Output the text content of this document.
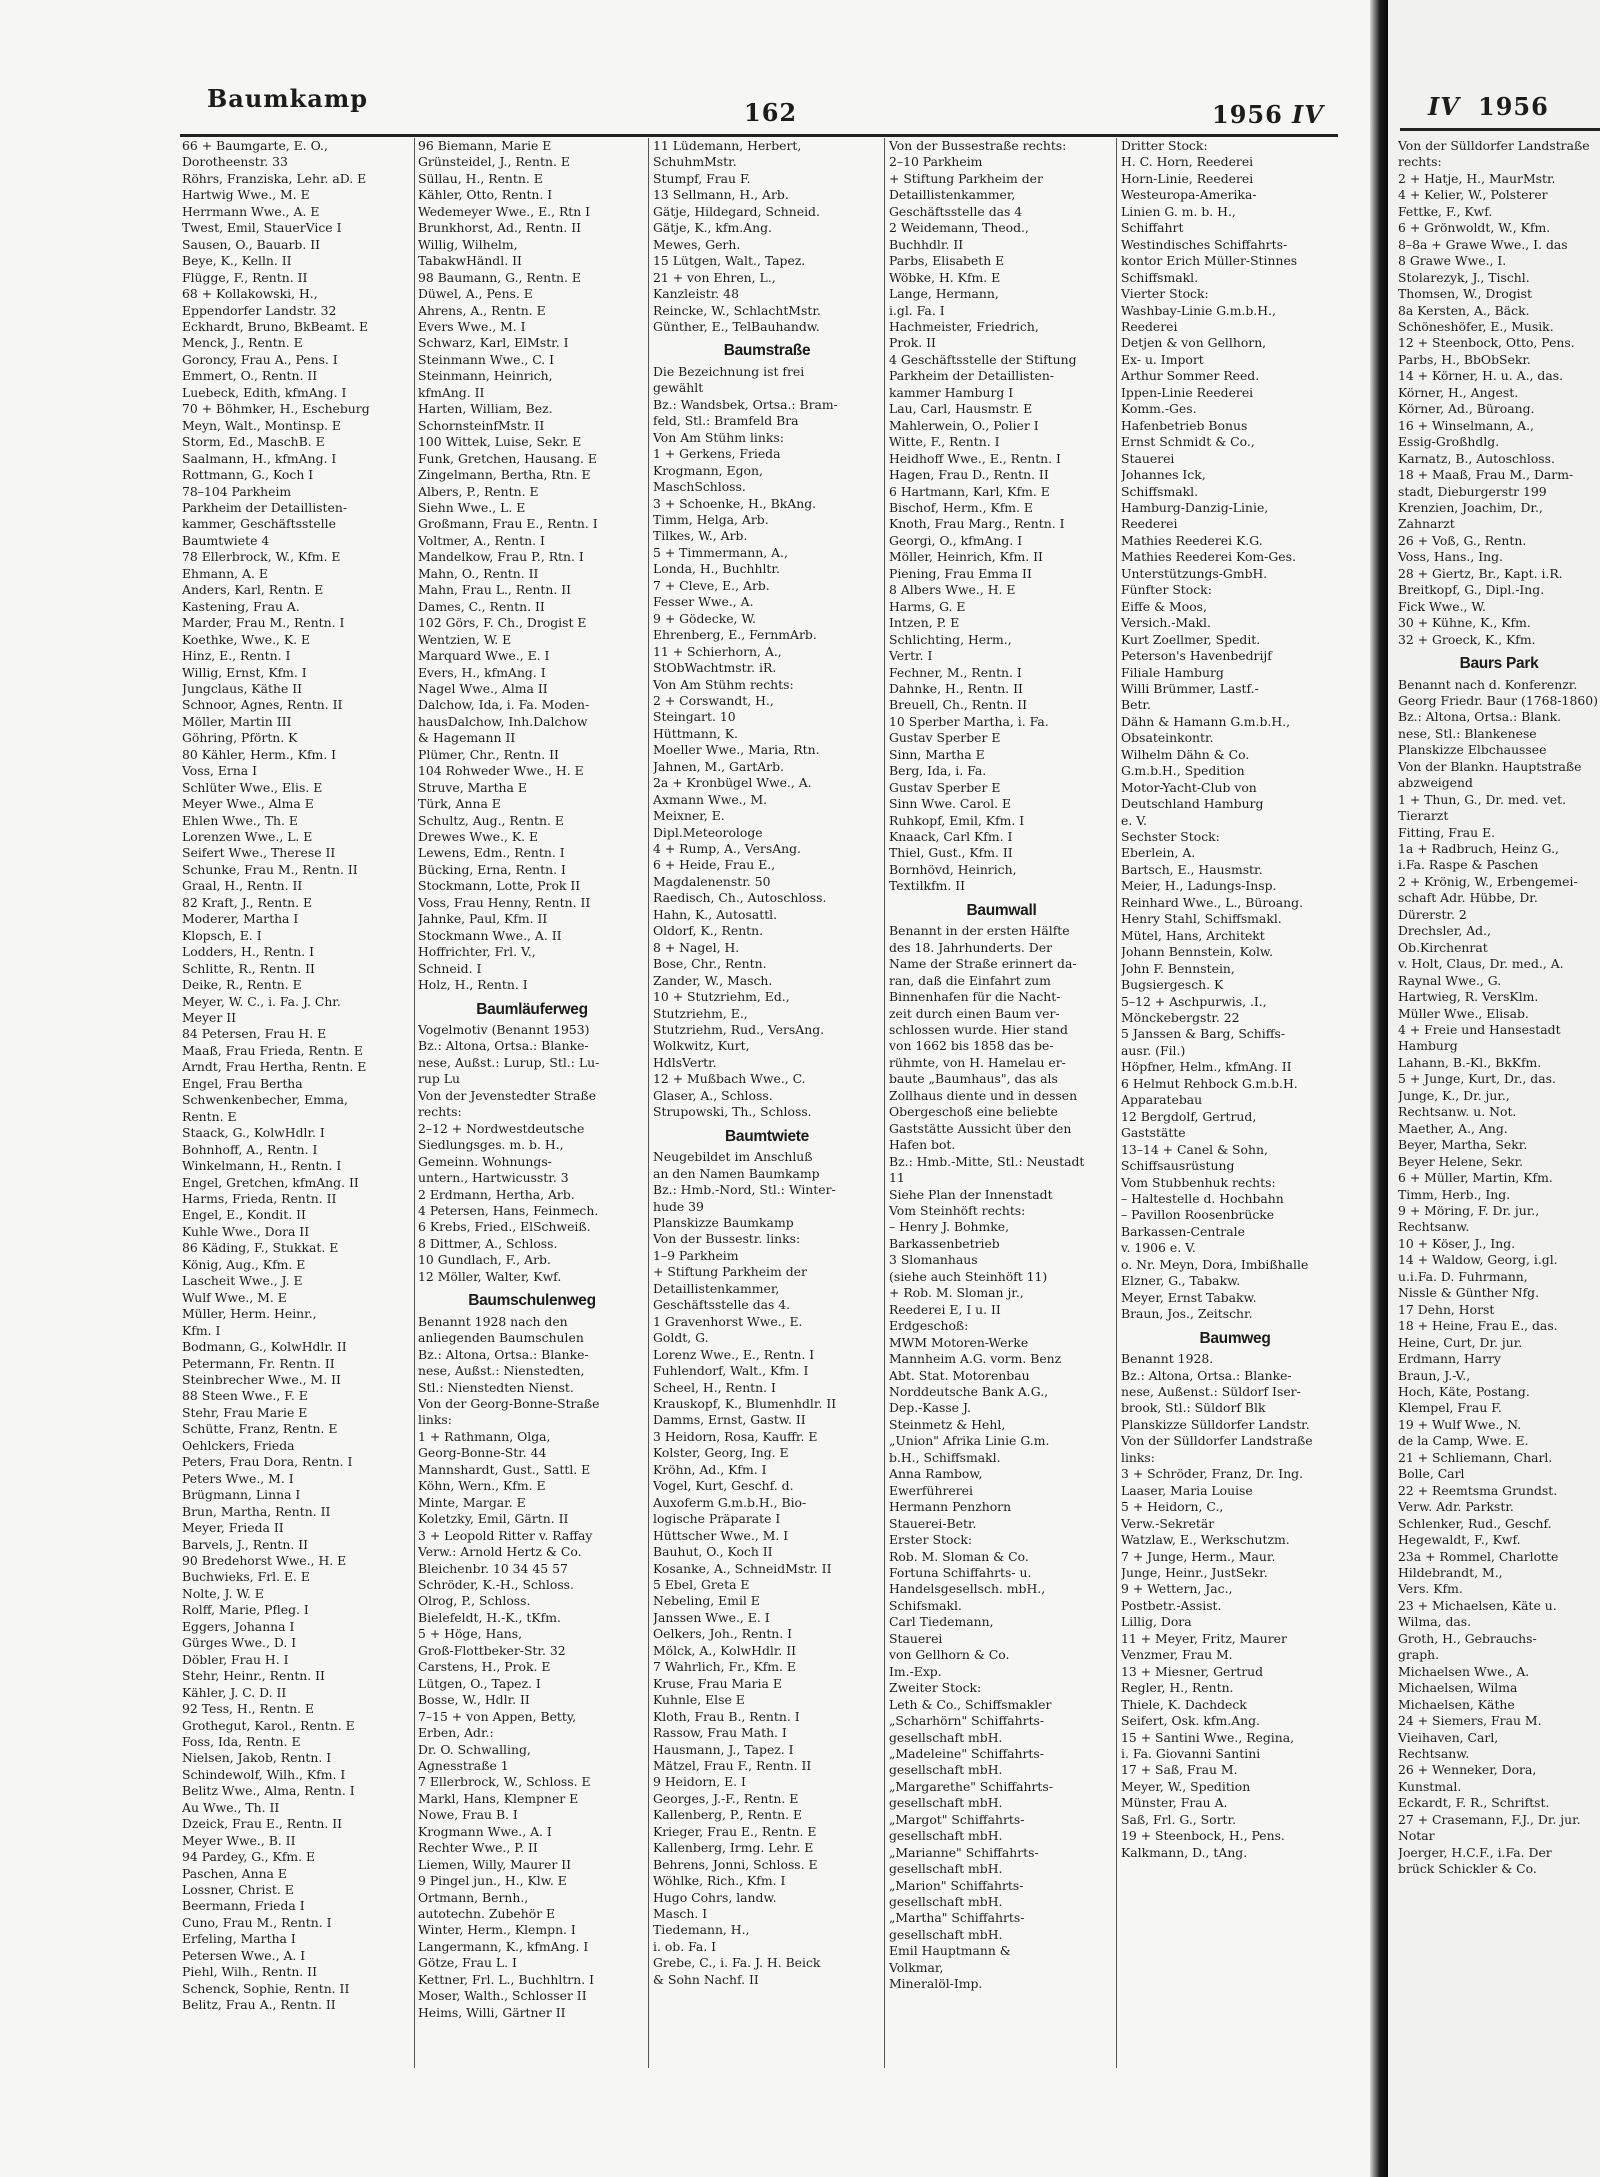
Baumkamp	162	1956 IV	IV 1956
66 + Baumgarte, E. O.,
Dorotheenstr. 33
Röhrs, Franziska, Lehr. aD. E
Hartwig Wwe., M. E
Herrmann Wwe., A. E
Twest, Emil, StauerVice I
Sausen, O., Bauarb. II
Beye, K., Kelln. II
Flügge, F., Rentn. II
68 + Kollakowski, H.,
Eppendorfer Landstr. 32
Eckhardt, Bruno, BkBeamt. E
Menck, J., Rentn. E
Goroncy, Frau A., Pens. I
Emmert, O., Rentn. II
Luebeck, Edith, kfmAng. I
70 + Böhmker, H., Escheburg
Meyn, Walt., Montinsp. E
Storm, Ed., MaschB. E
Saalmann, H., kfmAng. I
Rottmann, G., Koch I
78–104 Parkheim
Parkheim der Detaillisten-
kammer, Geschäftsstelle
Baumtwiete 4
78 Ellerbrock, W., Kfm. E
Ehmann, A. E
Anders, Karl, Rentn. E
Kastening, Frau A.
Marder, Frau M., Rentn. I
Koethke, Wwe., K. E
Hinz, E., Rentn. I
Willig, Ernst, Kfm. I
Jungclaus, Käthe II
Schnoor, Agnes, Rentn. II
Möller, Martin III
Göhring, Pförtn. K
80 Kähler, Herm., Kfm. I
Voss, Erna I
Schlüter Wwe., Elis. E
Meyer Wwe., Alma E
Ehlen Wwe., Th. E
Lorenzen Wwe., L. E
Seifert Wwe., Therese II
Schunke, Frau M., Rentn. II
Graal, H., Rentn. II
82 Kraft, J., Rentn. E
Moderer, Martha I
Klopsch, E. I
Lodders, H., Rentn. I
Schlitte, R., Rentn. II
Deike, R., Rentn. E
Meyer, W. C., i. Fa. J. Chr.
Meyer II
84 Petersen, Frau H. E
Maaß, Frau Frieda, Rentn. E
Arndt, Frau Hertha, Rentn. E
Engel, Frau Bertha
Schwenkenbecher, Emma,
Rentn. E
Staack, G., KolwHdlr. I
Bohnhoff, A., Rentn. I
Winkelmann, H., Rentn. I
Engel, Gretchen, kfmAng. II
Harms, Frieda, Rentn. II
Engel, E., Kondit. II
Kuhle Wwe., Dora II
86 Käding, F., Stukkat. E
König, Aug., Kfm. E
Lascheit Wwe., J. E
Wulf Wwe., M. E
Müller, Herm. Heinr.,
Kfm. I
Bodmann, G., KolwHdlr. II
Petermann, Fr. Rentn. II
Steinbrecher Wwe., M. II
88 Steen Wwe., F. E
Stehr, Frau Marie E
Schütte, Franz, Rentn. E
Oehlckers, Frieda
Peters, Frau Dora, Rentn. I
Peters Wwe., M. I
Brügmann, Linna I
Brun, Martha, Rentn. II
Meyer, Frieda II
Barvels, J., Rentn. II
90 Bredehorst Wwe., H. E
Buchwieks, Frl. E. E
Nolte, J. W. E
Rolff, Marie, Pfleg. I
Eggers, Johanna I
Gürges Wwe., D. I
Döbler, Frau H. I
Stehr, Heinr., Rentn. II
Kähler, J. C. D. II
92 Tess, H., Rentn. E
Grothegut, Karol., Rentn. E
Foss, Ida, Rentn. E
Nielsen, Jakob, Rentn. I
Schindewolf, Wilh., Kfm. I
Belitz Wwe., Alma, Rentn. I
Au Wwe., Th. II
Dzeick, Frau E., Rentn. II
Meyer Wwe., B. II
94 Pardey, G., Kfm. E
Paschen, Anna E
Lossner, Christ. E
Beermann, Frieda I
Cuno, Frau M., Rentn. I
Erfeling, Martha I
Petersen Wwe., A. I
Piehl, Wilh., Rentn. II
Schenck, Sophie, Rentn. II
Belitz, Frau A., Rentn. II
96 Biemann, Marie E
Grünsteidel, J., Rentn. E
Süllau, H., Rentn. E
Kähler, Otto, Rentn. I
Wedemeyer Wwe., E., Rtn I
Brunkhorst, Ad., Rentn. II
Willig, Wilhelm,
TabakwHändl. II
98 Baumann, G., Rentn. E
Düwel, A., Pens. E
Ahrens, A., Rentn. E
Evers Wwe., M. I
Schwarz, Karl, ElMstr. I
Steinmann Wwe., C. I
Steinmann, Heinrich,
kfmAng. II
Harten, William, Bez.
SchornsteinfMstr. II
100 Wittek, Luise, Sekr. E
Funk, Gretchen, Hausang. E
Zingelmann, Bertha, Rtn. E
Albers, P., Rentn. E
Siehn Wwe., L. E
Großmann, Frau E., Rentn. I
Voltmer, A., Rentn. I
Mandelkow, Frau P., Rtn. I
Mahn, O., Rentn. II
Mahn, Frau L., Rentn. II
Dames, C., Rentn. II
102 Görs, F. Ch., Drogist E
Wentzien, W. E
Marquard Wwe., E. I
Evers, H., kfmAng. I
Nagel Wwe., Alma II
Dalchow, Ida, i. Fa. Moden-
hausDalchow, Inh.Dalchow
& Hagemann II
Plümer, Chr., Rentn. II
104 Rohweder Wwe., H. E
Struve, Martha E
Türk, Anna E
Schultz, Aug., Rentn. E
Drewes Wwe., K. E
Lewens, Edm., Rentn. I
Bücking, Erna, Rentn. I
Stockmann, Lotte, Prok II
Voss, Frau Henny, Rentn. II
Jahnke, Paul, Kfm. II
Stockmann Wwe., A. II
Hoffrichter, Frl. V.,
Schneid. I
Holz, H., Rentn. I
Baumläuferweg
Vogelmotiv (Benannt 1953)
Bz.: Altona, Ortsa.: Blanke-
nese, Außst.: Lurup, Stl.: Lu-
rup Lu
Von der Jevenstedter Straße
rechts:
2–12 + Nordwestdeutsche
Siedlungsges. m. b. H.,
Gemeinn. Wohnungs-
untern., Hartwicusstr. 3
2 Erdmann, Hertha, Arb.
4 Petersen, Hans, Feinmech.
6 Krebs, Fried., ElSchweiß.
8 Dittmer, A., Schloss.
10 Gundlach, F., Arb.
12 Möller, Walter, Kwf.
Baumschulenweg
Benannt 1928 nach den
anliegenden Baumschulen
Bz.: Altona, Ortsa.: Blanke-
nese, Außst.: Nienstedten,
Stl.: Nienstedten Nienst.
Von der Georg-Bonne-Straße
links:
1 + Rathmann, Olga,
Georg-Bonne-Str. 44
Mannshardt, Gust., Sattl. E
Köhn, Wern., Kfm. E
Minte, Margar. E
Koletzky, Emil, Gärtn. II
3 + Leopold Ritter v. Raffay
Verw.: Arnold Hertz & Co.
Bleichenbr. 10 34 45 57
Schröder, K.-H., Schloss.
Olrog, P., Schloss.
Bielefeldt, H.-K., tKfm.
5 + Höge, Hans,
Groß-Flottbeker-Str. 32
Carstens, H., Prok. E
Lütgen, O., Tapez. I
Bosse, W., Hdlr. II
7–15 + von Appen, Betty,
Erben, Adr.:
Dr. O. Schwalling,
Agnesstraße 1
7 Ellerbrock, W., Schloss. E
Markl, Hans, Klempner E
Nowe, Frau B. I
Krogmann Wwe., A. I
Rechter Wwe., P. II
Liemen, Willy, Maurer II
9 Pingel jun., H., Klw. E
Ortmann, Bernh.,
autotechn. Zubehör E
Winter, Herm., Klempn. I
Langermann, K., kfmAng. I
Götze, Frau L. I
Kettner, Frl. L., Buchhltrn. I
Moser, Walth., Schlosser II
Heims, Willi, Gärtner II
11 Lüdemann, Herbert,
SchuhmMstr.
Stumpf, Frau F.
13 Sellmann, H., Arb.
Gätje, Hildegard, Schneid.
Gätje, K., kfm.Ang.
Mewes, Gerh.
15 Lütgen, Walt., Tapez.
21 + von Ehren, L.,
Kanzleistr. 48
Reincke, W., SchlachtMstr.
Günther, E., TelBauhandw.
Baumstraße
Die Bezeichnung ist frei
gewählt
Bz.: Wandsbek, Ortsa.: Bram-
feld, Stl.: Bramfeld Bra
Von Am Stühm links:
1 + Gerkens, Frieda
Krogmann, Egon,
MaschSchloss.
3 + Schoenke, H., BkAng.
Timm, Helga, Arb.
Tilkes, W., Arb.
5 + Timmermann, A.,
Londa, H., Buchhltr.
7 + Cleve, E., Arb.
Fesser Wwe., A.
9 + Gödecke, W.
Ehrenberg, E., FernmArb.
11 + Schierhorn, A.,
StObWachtmstr. iR.
Von Am Stühm rechts:
2 + Corswandt, H.,
Steingart. 10
Hüttmann, K.
Moeller Wwe., Maria, Rtn.
Jahnen, M., GartArb.
2a + Kronbügel Wwe., A.
Axmann Wwe., M.
Meixner, E.
Dipl.Meteorologe
4 + Rump, A., VersAng.
6 + Heide, Frau E.,
Magdalenenstr. 50
Raedisch, Ch., Autoschloss.
Hahn, K., Autosattl.
Oldorf, K., Rentn.
8 + Nagel, H.
Bose, Chr., Rentn.
Zander, W., Masch.
10 + Stutzriehm, Ed.,
Stutzriehm, E.,
Stutzriehm, Rud., VersAng.
Wolkwitz, Kurt,
HdlsVertr.
12 + Mußbach Wwe., C.
Glaser, A., Schloss.
Strupowski, Th., Schloss.
Baumtwiete
Neugebildet im Anschluß
an den Namen Baumkamp
Bz.: Hmb.-Nord, Stl.: Winter-
hude 39
Planskizze Baumkamp
Von der Bussestr. links:
1–9 Parkheim
+ Stiftung Parkheim der
Detaillistenkammer,
Geschäftsstelle das 4.
1 Gravenhorst Wwe., E.
Goldt, G.
Lorenz Wwe., E., Rentn. I
Fuhlendorf, Walt., Kfm. I
Scheel, H., Rentn. I
Krauskopf, K., Blumenhdlr. II
Damms, Ernst, Gastw. II
3 Heidorn, Rosa, Kauffr. E
Kolster, Georg, Ing. E
Kröhn, Ad., Kfm. I
Vogel, Kurt, Geschf. d.
Auxoferm G.m.b.H., Bio-
logische Präparate I
Hüttscher Wwe., M. I
Bauhut, O., Koch II
Kosanke, A., SchneidMstr. II
5 Ebel, Greta E
Nebeling, Emil E
Janssen Wwe., E. I
Oelkers, Joh., Rentn. I
Mölck, A., KolwHdlr. II
7 Wahrlich, Fr., Kfm. E
Kruse, Frau Maria E
Kuhnle, Else E
Kloth, Frau B., Rentn. I
Rassow, Frau Math. I
Hausmann, J., Tapez. I
Mätzel, Frau F., Rentn. II
9 Heidorn, E. I
Georges, J.-F., Rentn. E
Kallenberg, P., Rentn. E
Krieger, Frau E., Rentn. E
Kallenberg, Irmg. Lehr. E
Behrens, Jonni, Schloss. E
Wöhlke, Rich., Kfm. I
Hugo Cohrs, landw.
Masch. I
Tiedemann, H.,
i. ob. Fa. I
Grebe, C., i. Fa. J. H. Beick
& Sohn Nachf. II
Von der Bussestraße rechts:
2–10 Parkheim
+ Stiftung Parkheim der
Detaillistenkammer,
Geschäftsstelle das 4
2 Weidemann, Theod.,
Buchhdlr. II
Parbs, Elisabeth E
Wöbke, H. Kfm. E
Lange, Hermann,
i.gl. Fa. I
Hachmeister, Friedrich,
Prok. II
4 Geschäftsstelle der Stiftung
Parkheim der Detaillisten-
kammer Hamburg I
Lau, Carl, Hausmstr. E
Mahlerwein, O., Polier I
Witte, F., Rentn. I
Heidhoff Wwe., E., Rentn. I
Hagen, Frau D., Rentn. II
6 Hartmann, Karl, Kfm. E
Bischof, Herm., Kfm. E
Knoth, Frau Marg., Rentn. I
Georgi, O., kfmAng. I
Möller, Heinrich, Kfm. II
Piening, Frau Emma II
8 Albers Wwe., H. E
Harms, G. E
Intzen, P. E
Schlichting, Herm.,
Vertr. I
Fechner, M., Rentn. I
Dahnke, H., Rentn. II
Breuell, Ch., Rentn. II
10 Sperber Martha, i. Fa.
Gustav Sperber E
Sinn, Martha E
Berg, Ida, i. Fa.
Gustav Sperber E
Sinn Wwe. Carol. E
Ruhkopf, Emil, Kfm. I
Knaack, Carl Kfm. I
Thiel, Gust., Kfm. II
Bornhövd, Heinrich,
Textilkfm. II
Baumwall
Benannt in der ersten Hälfte
des 18. Jahrhunderts. Der
Name der Straße erinnert da-
ran, daß die Einfahrt zum
Binnenhafen für die Nacht-
zeit durch einen Baum ver-
schlossen wurde. Hier stand
von 1662 bis 1858 das be-
rühmte, von H. Hamelau er-
baute „Baumhaus", das als
Zollhaus diente und in dessen
Obergeschoß eine beliebte
Gaststätte Aussicht über den
Hafen bot.
Bz.: Hmb.-Mitte, Stl.: Neustadt
11
Siehe Plan der Innenstadt
Vom Steinhöft rechts:
– Henry J. Bohmke,
Barkassenbetrieb
3 Slomanhaus
(siehe auch Steinhöft 11)
+ Rob. M. Sloman jr.,
Reederei E, I u. II
Erdgeschoß:
MWM Motoren-Werke
Mannheim A.G. vorm. Benz
Abt. Stat. Motorenbau
Norddeutsche Bank A.G.,
Dep.-Kasse J.
Steinmetz & Hehl,
„Union" Afrika Linie G.m.
b.H., Schiffsmakl.
Anna Rambow,
Ewerführerei
Hermann Penzhorn
Stauerei-Betr.
Erster Stock:
Rob. M. Sloman & Co.
Fortuna Schiffahrts- u.
Handelsgesellsch. mbH.,
Schifsmakl.
Carl Tiedemann,
Stauerei
von Gellhorn & Co.
Im.-Exp.
Zweiter Stock:
Leth & Co., Schiffsmakler
„Scharhörn" Schiffahrts-
gesellschaft mbH.
„Madeleine" Schiffahrts-
gesellschaft mbH.
„Margarethe" Schiffahrts-
gesellschaft mbH.
„Margot" Schiffahrts-
gesellschaft mbH.
„Marianne" Schiffahrts-
gesellschaft mbH.
„Marion" Schiffahrts-
gesellschaft mbH.
„Martha" Schiffahrts-
gesellschaft mbH.
Emil Hauptmann &
Volkmar,
Mineralöl-Imp.
Dritter Stock:
H. C. Horn, Reederei
Horn-Linie, Reederei
Westeuropa-Amerika-
Linien G. m. b. H.,
Schiffahrt
Westindisches Schiffahrts-
kontor Erich Müller-Stinnes
Schiffsmakl.
Vierter Stock:
Washbay-Linie G.m.b.H.,
Reederei
Detjen & von Gellhorn,
Ex- u. Import
Arthur Sommer Reed.
Ippen-Linie Reederei
Komm.-Ges.
Hafenbetrieb Bonus
Ernst Schmidt & Co.,
Stauerei
Johannes Ick,
Schiffsmakl.
Hamburg-Danzig-Linie,
Reederei
Mathies Reederei K.G.
Mathies Reederei Kom-Ges.
Unterstützungs-GmbH.
Fünfter Stock:
Eiffe & Moos,
Versich.-Makl.
Kurt Zoellmer, Spedit.
Peterson's Havenbedrijf
Filiale Hamburg
Willi Brümmer, Lastf.-
Betr.
Dähn & Hamann G.m.b.H.,
Obsateinkontr.
Wilhelm Dähn & Co.
G.m.b.H., Spedition
Motor-Yacht-Club von
Deutschland Hamburg
e. V.
Sechster Stock:
Eberlein, A.
Bartsch, E., Hausmstr.
Meier, H., Ladungs-Insp.
Reinhard Wwe., L., Büroang.
Henry Stahl, Schiffsmakl.
Mütel, Hans, Architekt
Johann Bennstein, Kolw.
John F. Bennstein,
Bugsiergesch. K
5–12 + Aschpurwis, .I.,
Mönckebergstr. 22
5 Janssen & Barg, Schiffs-
ausr. (Fil.)
Höpfner, Helm., kfmAng. II
6 Helmut Rehbock G.m.b.H.
Apparatebau
12 Bergdolf, Gertrud,
Gaststätte
13–14 + Canel & Sohn,
Schiffsausrüstung
Vom Stubbenhuk rechts:
– Haltestelle d. Hochbahn
– Pavillon Roosenbrücke
Barkassen-Centrale
v. 1906 e. V.
o. Nr. Meyn, Dora, Imbißhalle
Elzner, G., Tabakw.
Meyer, Ernst Tabakw.
Braun, Jos., Zeitschr.
Baumweg
Benannt 1928.
Bz.: Altona, Ortsa.: Blanke-
nese, Außenst.: Süldorf Iser-
brook, Stl.: Süldorf Blk
Planskizze Sülldorfer Landstr.
Von der Sülldorfer Landstraße
links:
3 + Schröder, Franz, Dr. Ing.
Laaser, Maria Louise
5 + Heidorn, C.,
Verw.-Sekretär
Watzlaw, E., Werkschutzm.
7 + Junge, Herm., Maur.
Junge, Heinr., JustSekr.
9 + Wettern, Jac.,
Postbetr.-Assist.
Lillig, Dora
11 + Meyer, Fritz, Maurer
Venzmer, Frau M.
13 + Miesner, Gertrud
Regler, H., Rentn.
Thiele, K. Dachdeck
Seifert, Osk. kfm.Ang.
15 + Santini Wwe., Regina,
i. Fa. Giovanni Santini
17 + Saß, Frau M.
Meyer, W., Spedition
Münster, Frau A.
Saß, Frl. G., Sortr.
19 + Steenbock, H., Pens.
Kalkmann, D., tAng.
Von der Sülldorfer Landstraße
rechts:
2 + Hatje, H., MaurMstr.
4 + Kelier, W., Polsterer
Fettke, F., Kwf.
6 + Grönwoldt, W., Kfm.
8–8a + Grawe Wwe., I. das
8 Grawe Wwe., I.
Stolarezyk, J., Tischl.
Thomsen, W., Drogist
8a Kersten, A., Bäck.
Schöneshöfer, E., Musik.
12 + Steenbock, Otto, Pens.
Parbs, H., BbObSekr.
14 + Körner, H. u. A., das.
Körner, H., Angest.
Körner, Ad., Büroang.
16 + Winselmann, A.,
Essig-Großhdlg.
Karnatz, B., Autoschloss.
18 + Maaß, Frau M., Darm-
stadt, Dieburgerstr 199
Krenzien, Joachim, Dr.,
Zahnarzt
26 + Voß, G., Rentn.
Voss, Hans., Ing.
28 + Giertz, Br., Kapt. i.R.
Breitkopf, G., Dipl.-Ing.
Fick Wwe., W.
30 + Kühne, K., Kfm.
32 + Groeck, K., Kfm.
Baurs Park
Benannt nach d. Konferenzr.
Georg Friedr. Baur (1768-1860)
Bz.: Altona, Ortsa.: Blank.
nese, Stl.: Blankenese
Planskizze Elbchaussee
Von der Blankn. Hauptstraße
abzweigend
1 + Thun, G., Dr. med. vet.
Tierarzt
Fitting, Frau E.
1a + Radbruch, Heinz G.,
i.Fa. Raspe & Paschen
2 + Krönig, W., Erbengemei-
schaft Adr. Hübbe, Dr.
Dürerstr. 2
Drechsler, Ad.,
Ob.Kirchenrat
v. Holt, Claus, Dr. med., A.
Raynal Wwe., G.
Hartwieg, R. VersKlm.
Müller Wwe., Elisab.
4 + Freie und Hansestadt
Hamburg
Lahann, B.-Kl., BkKfm.
5 + Junge, Kurt, Dr., das.
Junge, K., Dr. jur.,
Rechtsanw. u. Not.
Maether, A., Ang.
Beyer, Martha, Sekr.
Beyer Helene, Sekr.
6 + Müller, Martin, Kfm.
Timm, Herb., Ing.
9 + Möring, F. Dr. jur.,
Rechtsanw.
10 + Köser, J., Ing.
14 + Waldow, Georg, i.gl.
u.i.Fa. D. Fuhrmann,
Nissle & Günther Nfg.
17 Dehn, Horst
18 + Heine, Frau E., das.
Heine, Curt, Dr. jur.
Erdmann, Harry
Braun, J.-V.,
Hoch, Käte, Postang.
Klempel, Frau F.
19 + Wulf Wwe., N.
de la Camp, Wwe. E.
21 + Schliemann, Charl.
Bolle, Carl
22 + Reemtsma Grundst.
Verw. Adr. Parkstr.
Schlenker, Rud., Geschf.
Hegewaldt, F., Kwf.
23a + Rommel, Charlotte
Hildebrandt, M.,
Vers. Kfm.
23 + Michaelsen, Käte u.
Wilma, das.
Groth, H., Gebrauchs-
graph.
Michaelsen Wwe., A.
Michaelsen, Wilma
Michaelsen, Käthe
24 + Siemers, Frau M.
Vieihaven, Carl,
Rechtsanw.
26 + Wenneker, Dora,
Kunstmal.
Eckardt, F. R., Schriftst.
27 + Crasemann, F.J., Dr. jur.
Notar
Joerger, H.C.F., i.Fa. Der
brück Schickler & Co.
